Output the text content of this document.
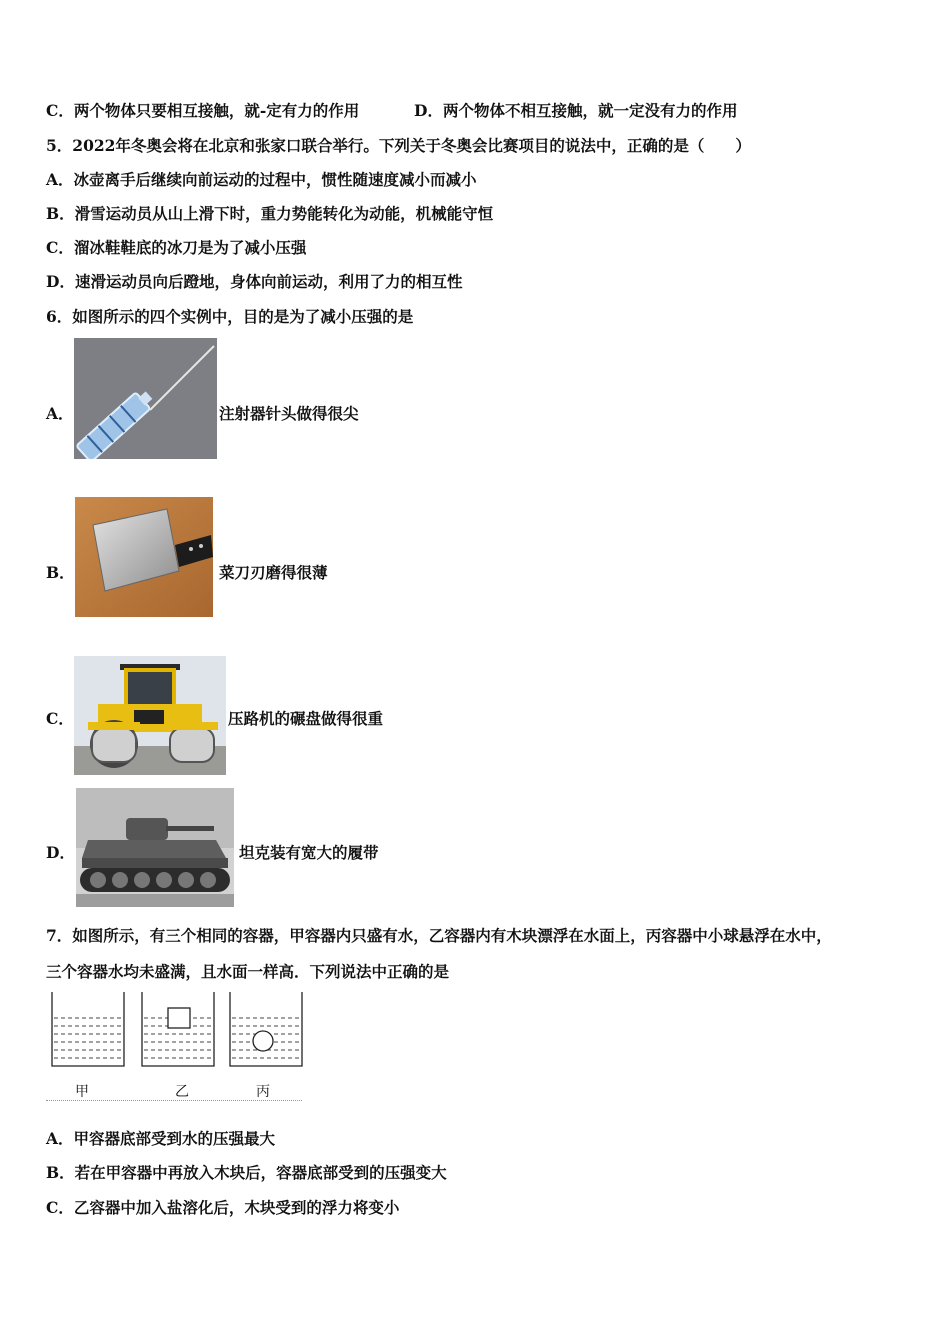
C．两个物体只要相互接触，就-定有力的作用	D．两个物体不相互接触，就一定没有力的作用
5．2022年冬奥会将在北京和张家口联合举行。下列关于冬奥会比赛项目的说法中，正确的是（　　）
A．冰壶离手后继续向前运动的过程中，惯性随速度减小而减小
B．滑雪运动员从山上滑下时，重力势能转化为动能，机械能守恒
C．溜冰鞋鞋底的冰刀是为了减小压强
D．速滑运动员向后蹬地，身体向前运动，利用了力的相互性
6．如图所示的四个实例中，目的是为了减小压强的是
A．	注射器针头做得很尖
B．	菜刀刃磨得很薄
C．	压路机的碾盘做得很重
D．	坦克装有宽大的履带
7．如图所示，有三个相同的容器，甲容器内只盛有水，乙容器内有木块漂浮在水面上，丙容器中小球悬浮在水中，
三个容器水均未盛满，且水面一样高．下列说法中正确的是
甲	乙	丙
A．甲容器底部受到水的压强最大
B．若在甲容器中再放入木块后，容器底部受到的压强变大
C．乙容器中加入盐溶化后，木块受到的浮力将变小
